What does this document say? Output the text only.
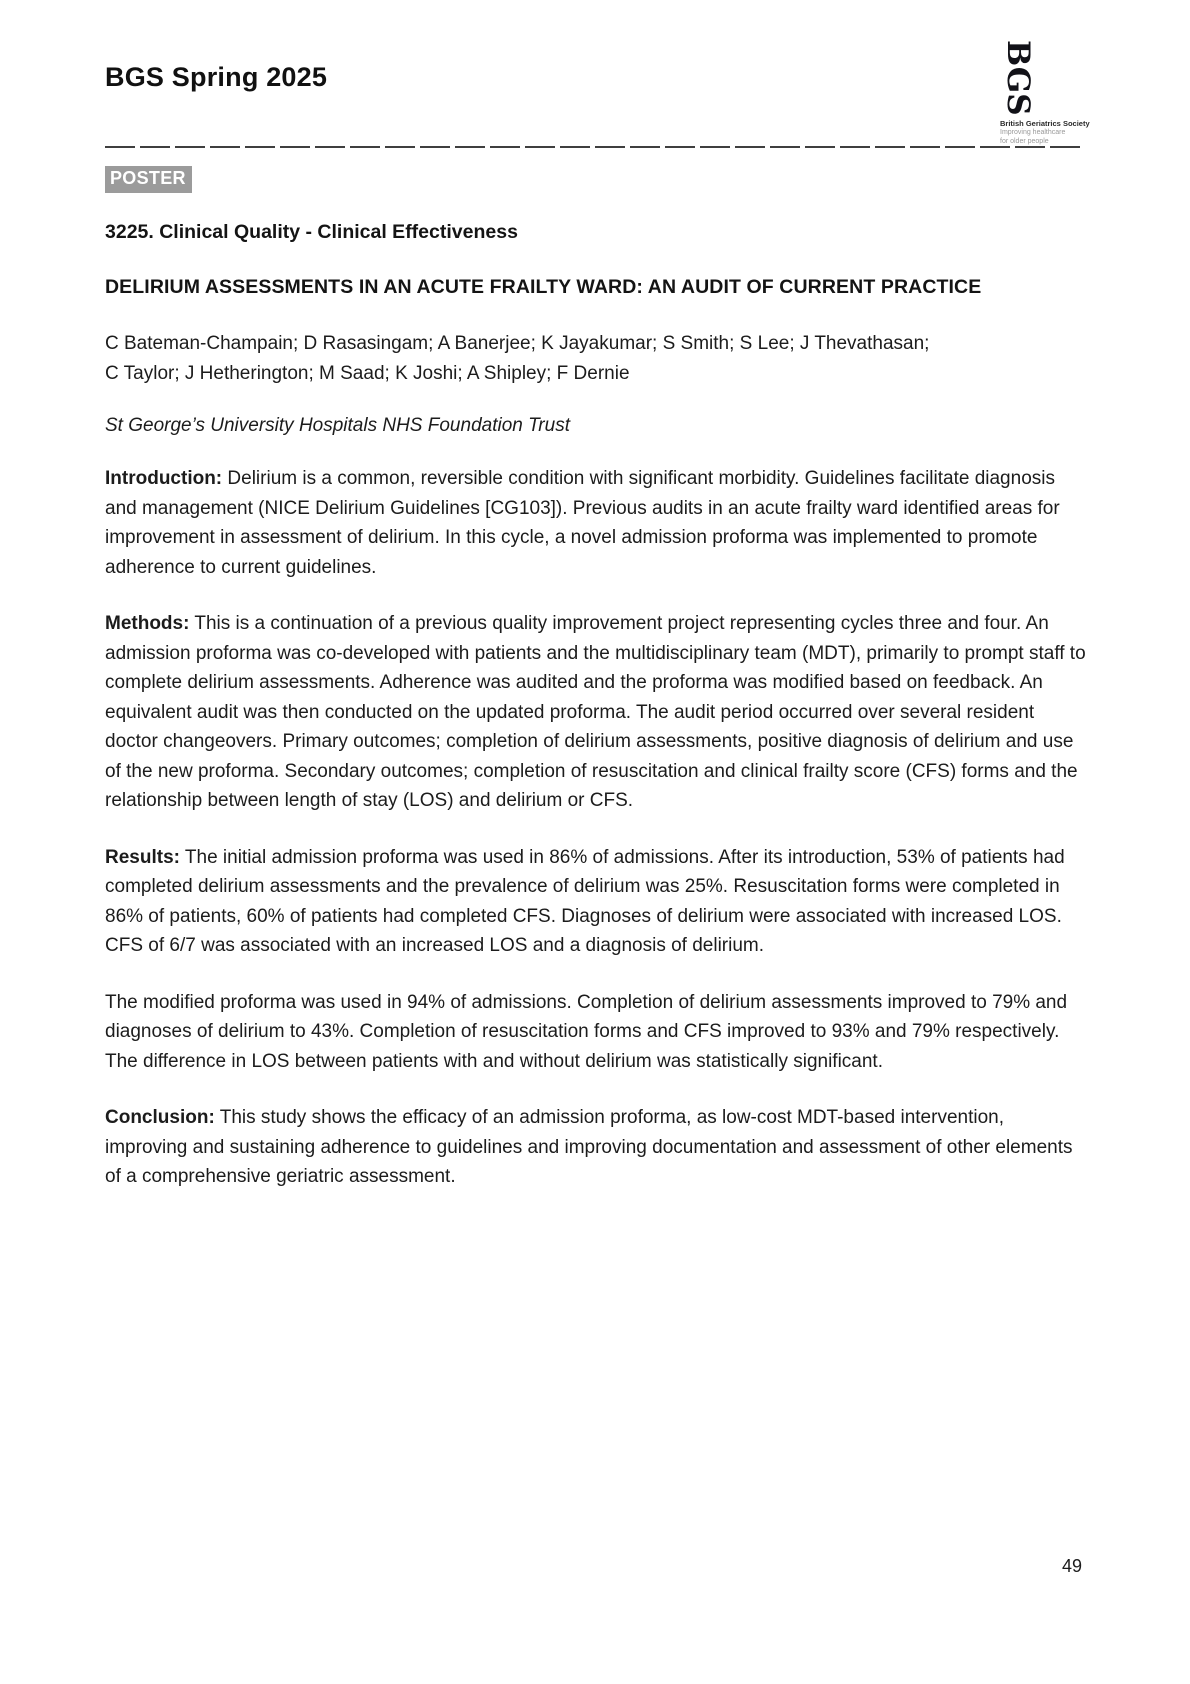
BGS Spring 2025	BGS
British Geriatrics Society
Improving healthcare
for older people
POSTER

3225. Clinical Quality - Clinical Effectiveness

DELIRIUM ASSESSMENTS IN AN ACUTE FRAILTY WARD: AN AUDIT OF CURRENT PRACTICE

C Bateman-Champain; D Rasasingam; A Banerjee; K Jayakumar; S Smith; S Lee; J Thevathasan;
C Taylor; J Hetherington; M Saad; K Joshi; A Shipley; F Dernie

St George’s University Hospitals NHS Foundation Trust

Introduction: Delirium is a common, reversible condition with significant morbidity. Guidelines facilitate diagnosis and management (NICE Delirium Guidelines [CG103]). Previous audits in an acute frailty ward identified areas for improvement in assessment of delirium. In this cycle, a novel admission proforma was implemented to promote adherence to current guidelines.

Methods: This is a continuation of a previous quality improvement project representing cycles three and four. An admission proforma was co-developed with patients and the multidisciplinary team (MDT), primarily to prompt staff to complete delirium assessments. Adherence was audited and the proforma was modified based on feedback. An equivalent audit was then conducted on the updated proforma. The audit period occurred over several resident doctor changeovers. Primary outcomes; completion of delirium assessments, positive diagnosis of delirium and use of the new proforma. Secondary outcomes; completion of resuscitation and clinical frailty score (CFS) forms and the relationship between length of stay (LOS) and delirium or CFS.

Results: The initial admission proforma was used in 86% of admissions. After its introduction, 53% of patients had completed delirium assessments and the prevalence of delirium was 25%. Resuscitation forms were completed in 86% of patients, 60% of patients had completed CFS. Diagnoses of delirium were associated with increased LOS. CFS of 6/7 was associated with an increased LOS and a diagnosis of delirium.

The modified proforma was used in 94% of admissions. Completion of delirium assessments improved to 79% and diagnoses of delirium to 43%. Completion of resuscitation forms and CFS improved to 93% and 79% respectively. The difference in LOS between patients with and without delirium was statistically significant.

Conclusion: This study shows the efficacy of an admission proforma, as low-cost MDT-based intervention, improving and sustaining adherence to guidelines and improving documentation and assessment of other elements of a comprehensive geriatric assessment.

49
